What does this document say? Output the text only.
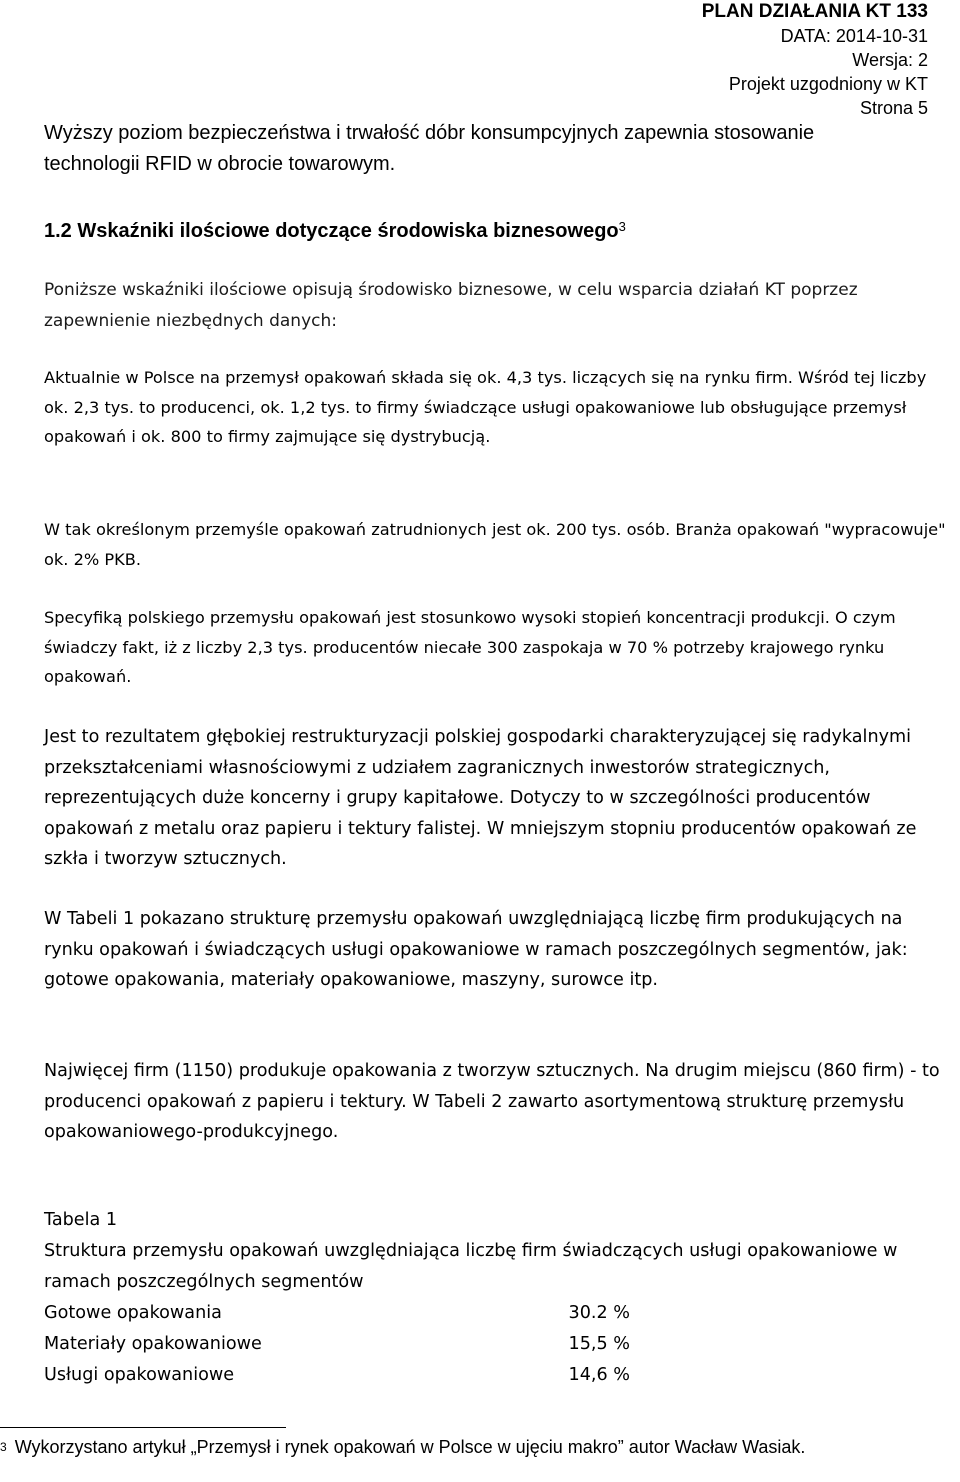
PLAN DZIAŁANIA KT 133
DATA: 2014-10-31
Wersja: 2
Projekt uzgodniony w KT
Strona 5
Wyższy poziom bezpieczeństwa i trwałość dóbr konsumpcyjnych zapewnia stosowanie technologii RFID w obrocie towarowym.
1.2 Wskaźniki ilościowe dotyczące środowiska biznesowego$^3$
Poniższe wskaźniki ilościowe opisują środowisko biznesowe, w celu wsparcia działań KT poprzez zapewnienie niezbędnych danych:

Aktualnie w Polsce na przemysł opakowań składa się ok. 4,3 tys. liczących się na rynku firm. Wśród tej liczby ok. 2,3 tys. to producenci, ok. 1,2 tys. to firmy świadczące usługi opakowaniowe lub obsługujące przemysł opakowań i ok. 800 to firmy zajmujące się dystrybucją.

W tak określonym przemyśle opakowań zatrudnionych jest ok. 200 tys. osób. Branża opakowań "wypracowuje" ok. 2% PKB.

Specyfiką polskiego przemysłu opakowań jest stosunkowo wysoki stopień koncentracji produkcji. O czym świadczy fakt, iż z liczby 2,3 tys. producentów niecałe 300 zaspokaja w 70 % potrzeby krajowego rynku opakowań.

Jest to rezultatem głębokiej restrukturyzacji polskiej gospodarki charakteryzującej się radykalnymi przekształceniami własnościowymi z udziałem zagranicznych inwestorów strategicznych, reprezentujących duże koncerny i grupy kapitałowe. Dotyczy to w szczególności producentów opakowań z metalu oraz papieru i tektury falistej. W mniejszym stopniu producentów opakowań ze szkła i tworzyw sztucznych.

W Tabeli 1 pokazano strukturę przemysłu opakowań uwzględniającą liczbę firm produkujących na rynku opakowań i świadczących usługi opakowaniowe w ramach poszczególnych segmentów, jak: gotowe opakowania, materiały opakowaniowe, maszyny, surowce itp.

Najwięcej firm (1150) produkuje opakowania z tworzyw sztucznych. Na drugim miejscu (860 firm) - to producenci opakowań z papieru i tektury. W Tabeli 2 zawarto asortymentową strukturę przemysłu opakowaniowego-produkcyjnego.

Tabela 1
Struktura przemysłu opakowań uwzględniająca liczbę firm świadczących usługi opakowaniowe w ramach poszczególnych segmentów
Gotowe opakowania	30.2 %
Materiały opakowaniowe	15,5 %
Usługi opakowaniowe	14,6 %
$^3$ Wykorzystano artykuł „Przemysł i rynek opakowań w Polsce w ujęciu makro” autor Wacław Wasiak.
